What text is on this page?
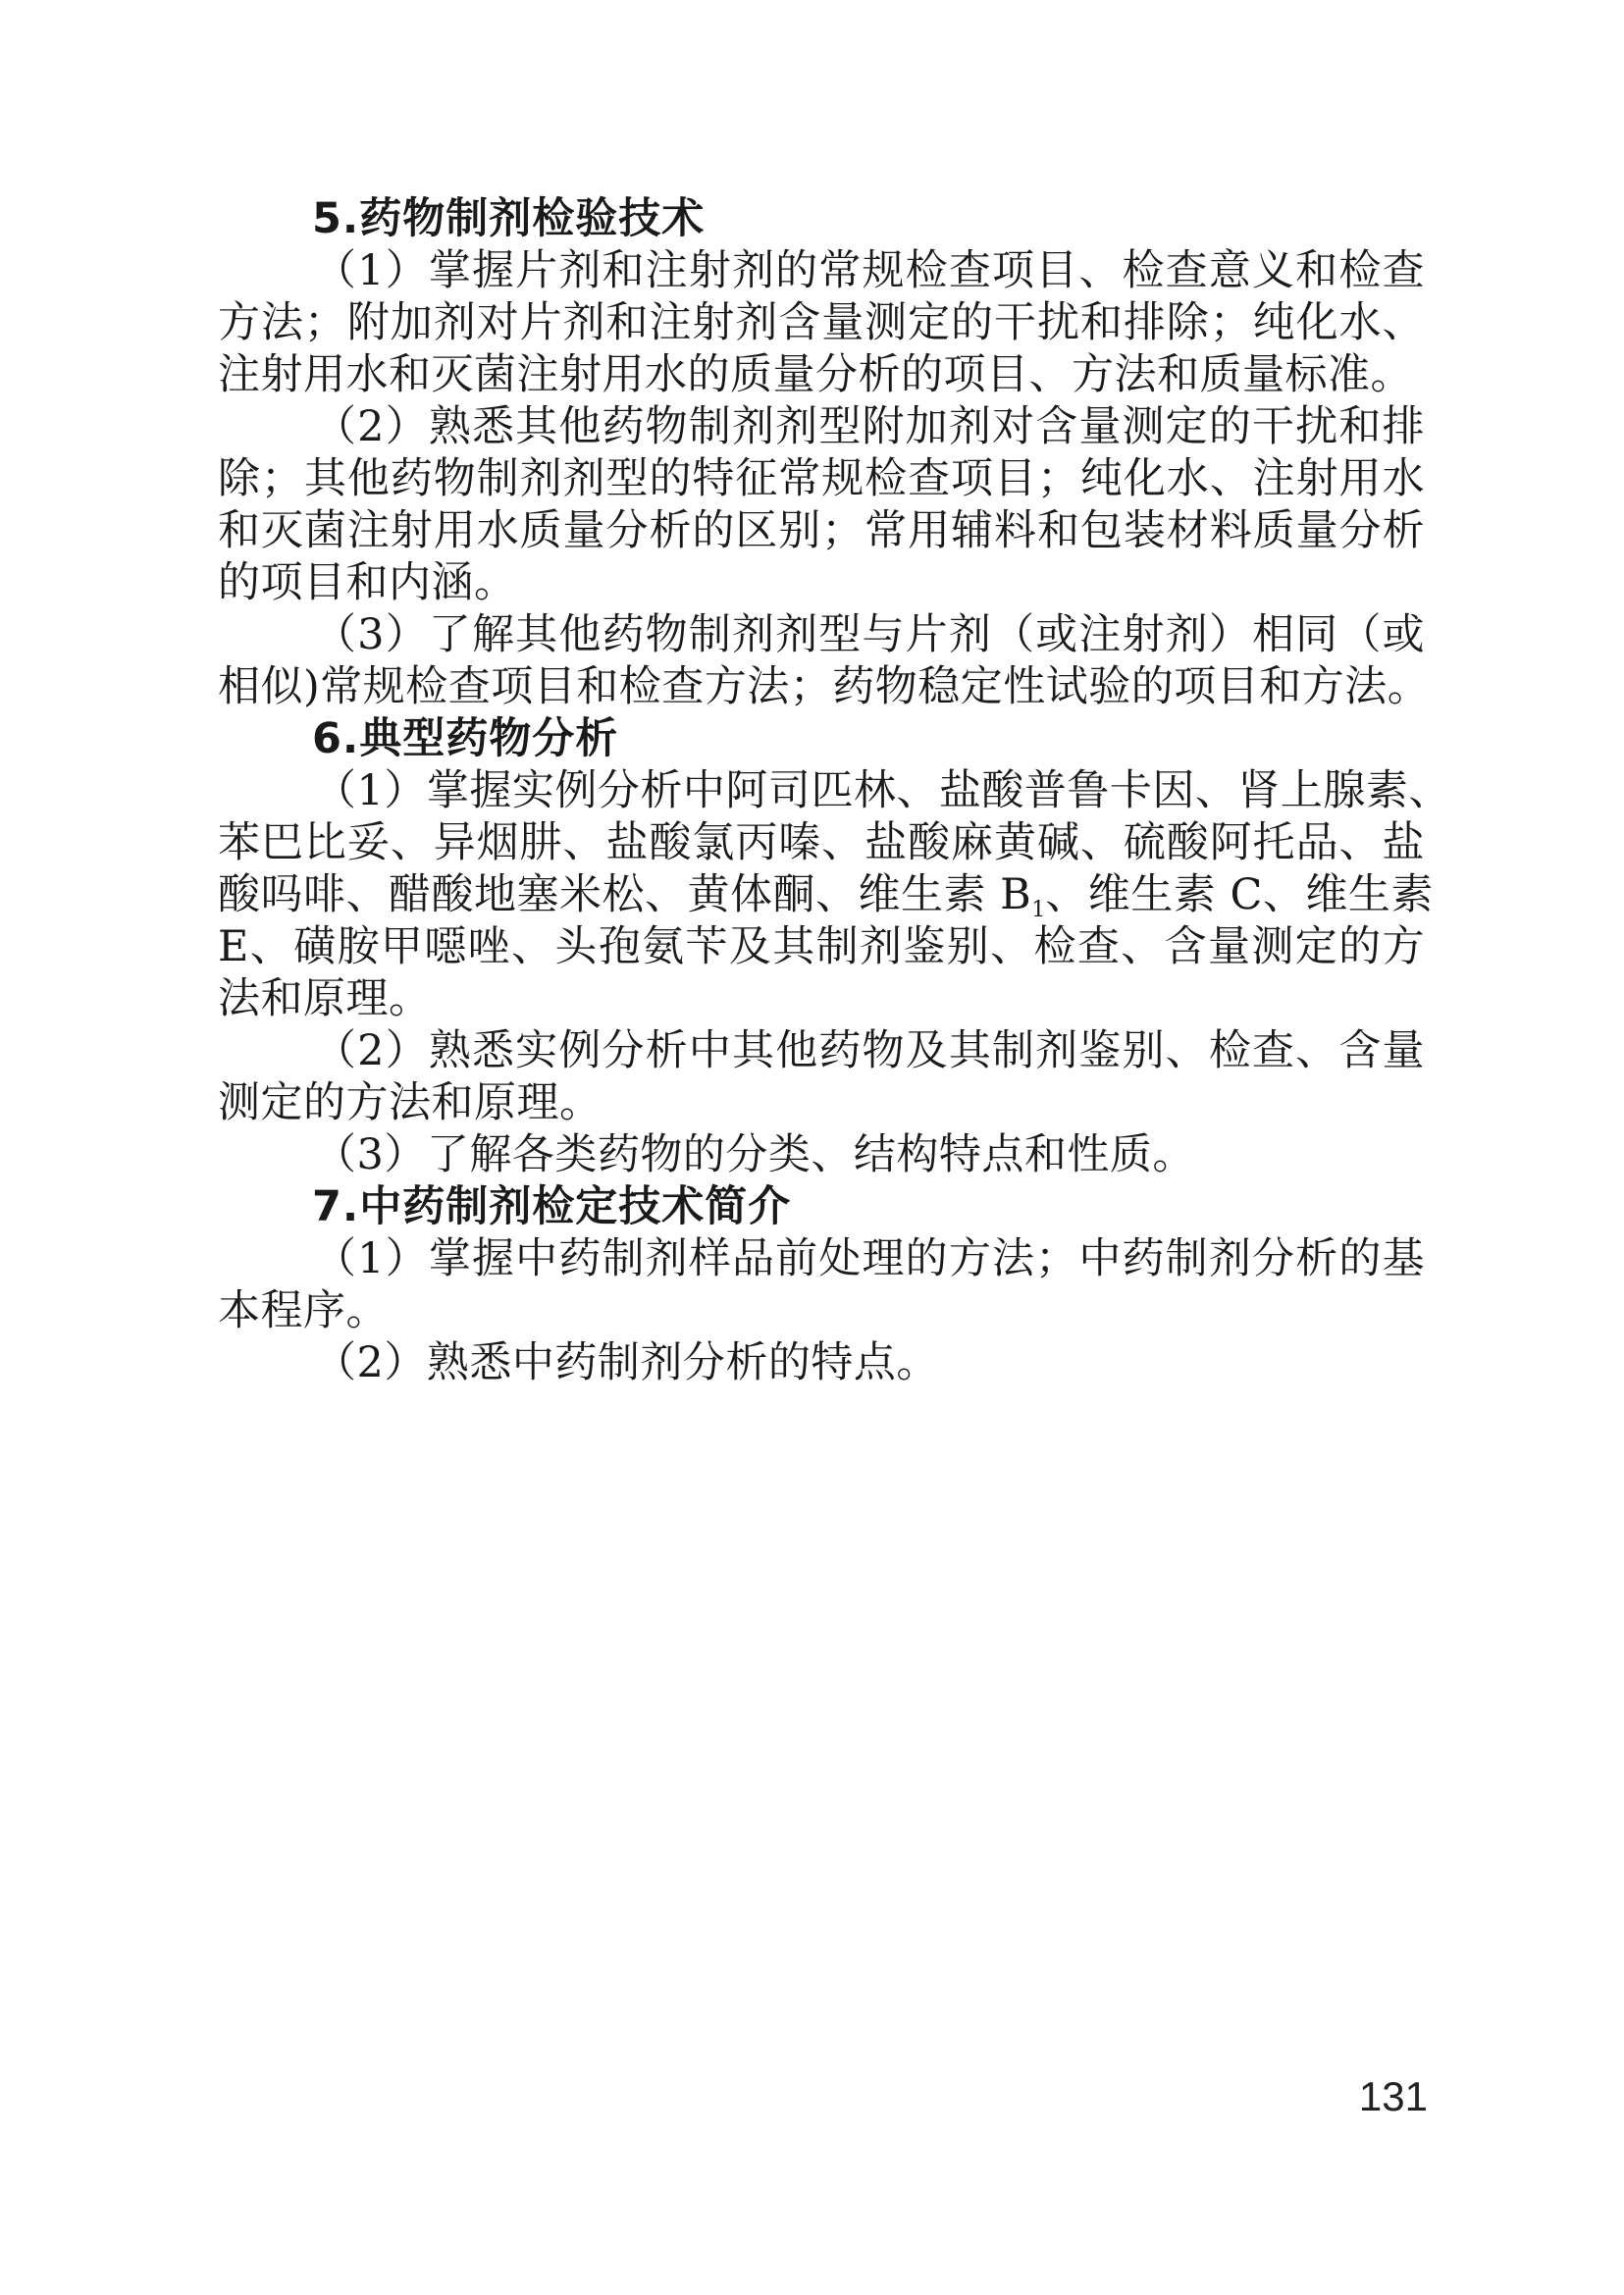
5.药物制剂检验技术
（1）掌握片剂和注射剂的常规检查项目、检查意义和检查
方法；附加剂对片剂和注射剂含量测定的干扰和排除；纯化水、
注射用水和灭菌注射用水的质量分析的项目、方法和质量标准。
（2）熟悉其他药物制剂剂型附加剂对含量测定的干扰和排
除；其他药物制剂剂型的特征常规检查项目；纯化水、注射用水
和灭菌注射用水质量分析的区别；常用辅料和包装材料质量分析
的项目和内涵。
（3）了解其他药物制剂剂型与片剂（或注射剂）相同（或
相似)常规检查项目和检查方法；药物稳定性试验的项目和方法。
6.典型药物分析
（1）掌握实例分析中阿司匹林、盐酸普鲁卡因、肾上腺素、
苯巴比妥、异烟肼、盐酸氯丙嗪、盐酸麻黄碱、硫酸阿托品、盐
酸吗啡、醋酸地塞米松、黄体酮、维生素 $B_1$、维生素 C、维生素
E、磺胺甲噁唑、头孢氨苄及其制剂鉴别、检查、含量测定的方
法和原理。
（2）熟悉实例分析中其他药物及其制剂鉴别、检查、含量
测定的方法和原理。
（3）了解各类药物的分类、结构特点和性质。
7.中药制剂检定技术简介
（1）掌握中药制剂样品前处理的方法；中药制剂分析的基
本程序。
（2）熟悉中药制剂分析的特点。
131
